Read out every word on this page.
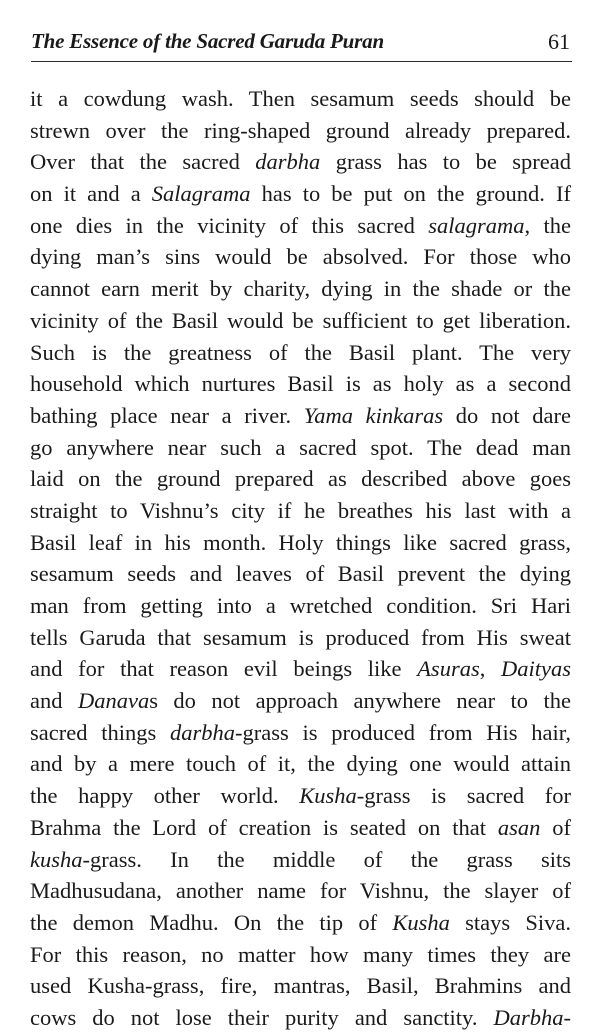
The Essence of the Sacred Garuda Puran	61
it a cowdung wash. Then sesamum seeds should be
strewn over the ring-shaped ground already prepared.
Over that the sacred darbha grass has to be spread
on it and a Salagrama has to be put on the ground. If
one dies in the vicinity of this sacred salagrama, the
dying man’s sins would be absolved. For those who
cannot earn merit by charity, dying in the shade or the
vicinity of the Basil would be sufficient to get liberation.
Such is the greatness of the Basil plant. The very
household which nurtures Basil is as holy as a second
bathing place near a river. Yama kinkaras do not dare
go anywhere near such a sacred spot. The dead man
laid on the ground prepared as described above goes
straight to Vishnu’s city if he breathes his last with a
Basil leaf in his month. Holy things like sacred grass,
sesamum seeds and leaves of Basil prevent the dying
man from getting into a wretched condition. Sri Hari
tells Garuda that sesamum is produced from His sweat
and for that reason evil beings like Asuras, Daityas
and Danavas do not approach anywhere near to the
sacred things darbha-grass is produced from His hair,
and by a mere touch of it, the dying one would attain
the happy other world. Kusha-grass is sacred for
Brahma the Lord of creation is seated on that asan of
kusha-grass. In the middle of the grass sits
Madhusudana, another name for Vishnu, the slayer of
the demon Madhu. On the tip of Kusha stays Siva.
For this reason, no matter how many times they are
used Kusha-grass, fire, mantras, Basil, Brahmins and
cows do not lose their purity and sanctity. Darbha-
